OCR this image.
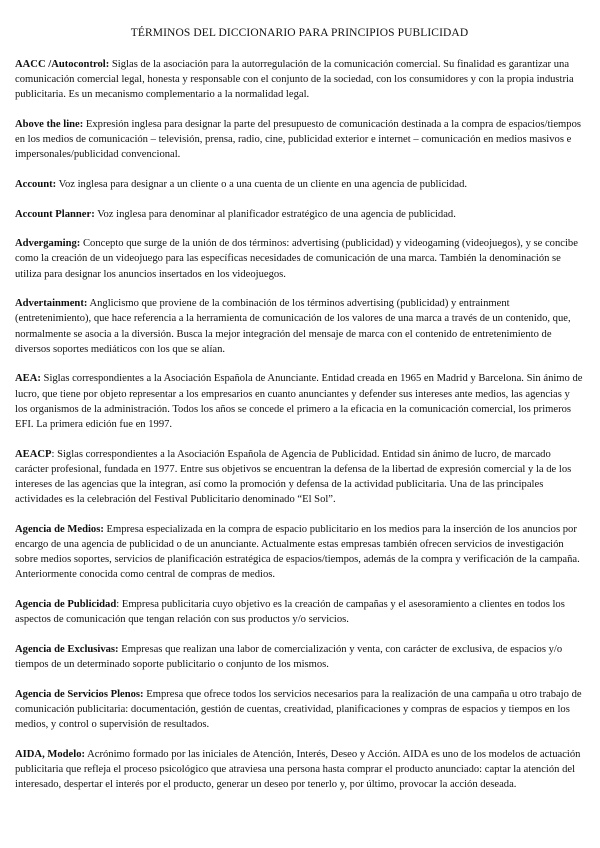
TÉRMINOS DEL DICCIONARIO PARA PRINCIPIOS PUBLICIDAD

AACC /Autocontrol: Siglas de la asociación para la autorregulación de la comunicación comercial. Su finalidad es garantizar una comunicación comercial legal, honesta y responsable con el conjunto de la sociedad, con los consumidores y con la propia industria publicitaria. Es un mecanismo complementario a la normalidad legal.

Above the line: Expresión inglesa para designar la parte del presupuesto de comunicación destinada a la compra de espacios/tiempos en los medios de comunicación – televisión, prensa, radio, cine, publicidad exterior e internet – comunicación en medios masivos e impersonales/publicidad convencional.

Account: Voz inglesa para designar a un cliente o a una cuenta de un cliente en una agencia de publicidad.

Account Planner: Voz inglesa para denominar al planificador estratégico de una agencia de publicidad.

Advergaming: Concepto que surge de la unión de dos términos: advertising (publicidad) y videogaming (videojuegos), y se concibe como la creación de un videojuego para las específicas necesidades de comunicación de una marca. También la denominación se utiliza para designar los anuncios insertados en los videojuegos.

Advertainment: Anglicismo que proviene de la combinación de los términos advertising (publicidad) y entrainment (entretenimiento), que hace referencia a la herramienta de comunicación de los valores de una marca a través de un contenido, que, normalmente se asocia a la diversión. Busca la mejor integración del mensaje de marca con el contenido de entretenimiento de diversos soportes mediáticos con los que se alían.

AEA: Siglas correspondientes a la Asociación Española de Anunciante. Entidad creada en 1965 en Madrid y Barcelona. Sin ánimo de lucro, que tiene por objeto representar a los empresarios en cuanto anunciantes y defender sus intereses ante medios, las agencias y los organismos de la administración. Todos los años se concede el primero a la eficacia en la comunicación comercial, los primeros EFI. La primera edición fue en 1997.

AEACP: Siglas correspondientes a la Asociación Española de Agencia de Publicidad. Entidad sin ánimo de lucro, de marcado carácter profesional, fundada en 1977. Entre sus objetivos se encuentran la defensa de la libertad de expresión comercial y la de los intereses de las agencias que la integran, así como la promoción y defensa de la actividad publicitaria. Una de las principales actividades es la celebración del Festival Publicitario denominado “El Sol”.

Agencia de Medios: Empresa especializada en la compra de espacio publicitario en los medios para la inserción de los anuncios por encargo de una agencia de publicidad o de un anunciante. Actualmente estas empresas también ofrecen servicios de investigación sobre medios soportes, servicios de planificación estratégica de espacios/tiempos, además de la compra y verificación de la campaña. Anteriormente conocida como central de compras de medios.

Agencia de Publicidad: Empresa publicitaria cuyo objetivo es la creación de campañas y el asesoramiento a clientes en todos los aspectos de comunicación que tengan relación con sus productos y/o servicios.

Agencia de Exclusivas: Empresas que realizan una labor de comercialización y venta, con carácter de exclusiva, de espacios y/o tiempos de un determinado soporte publicitario o conjunto de los mismos.

Agencia de Servicios Plenos: Empresa que ofrece todos los servicios necesarios para la realización de una campaña u otro trabajo de comunicación publicitaria: documentación, gestión de cuentas, creatividad, planificaciones y compras de espacios y tiempos en los medios, y control o supervisión de resultados.

AIDA, Modelo: Acrónimo formado por las iniciales de Atención, Interés, Deseo y Acción. AIDA es uno de los modelos de actuación publicitaria que refleja el proceso psicológico que atraviesa una persona hasta comprar el producto anunciado: captar la atención del interesado, despertar el interés por el producto, generar un deseo por tenerlo y, por último, provocar la acción deseada.
